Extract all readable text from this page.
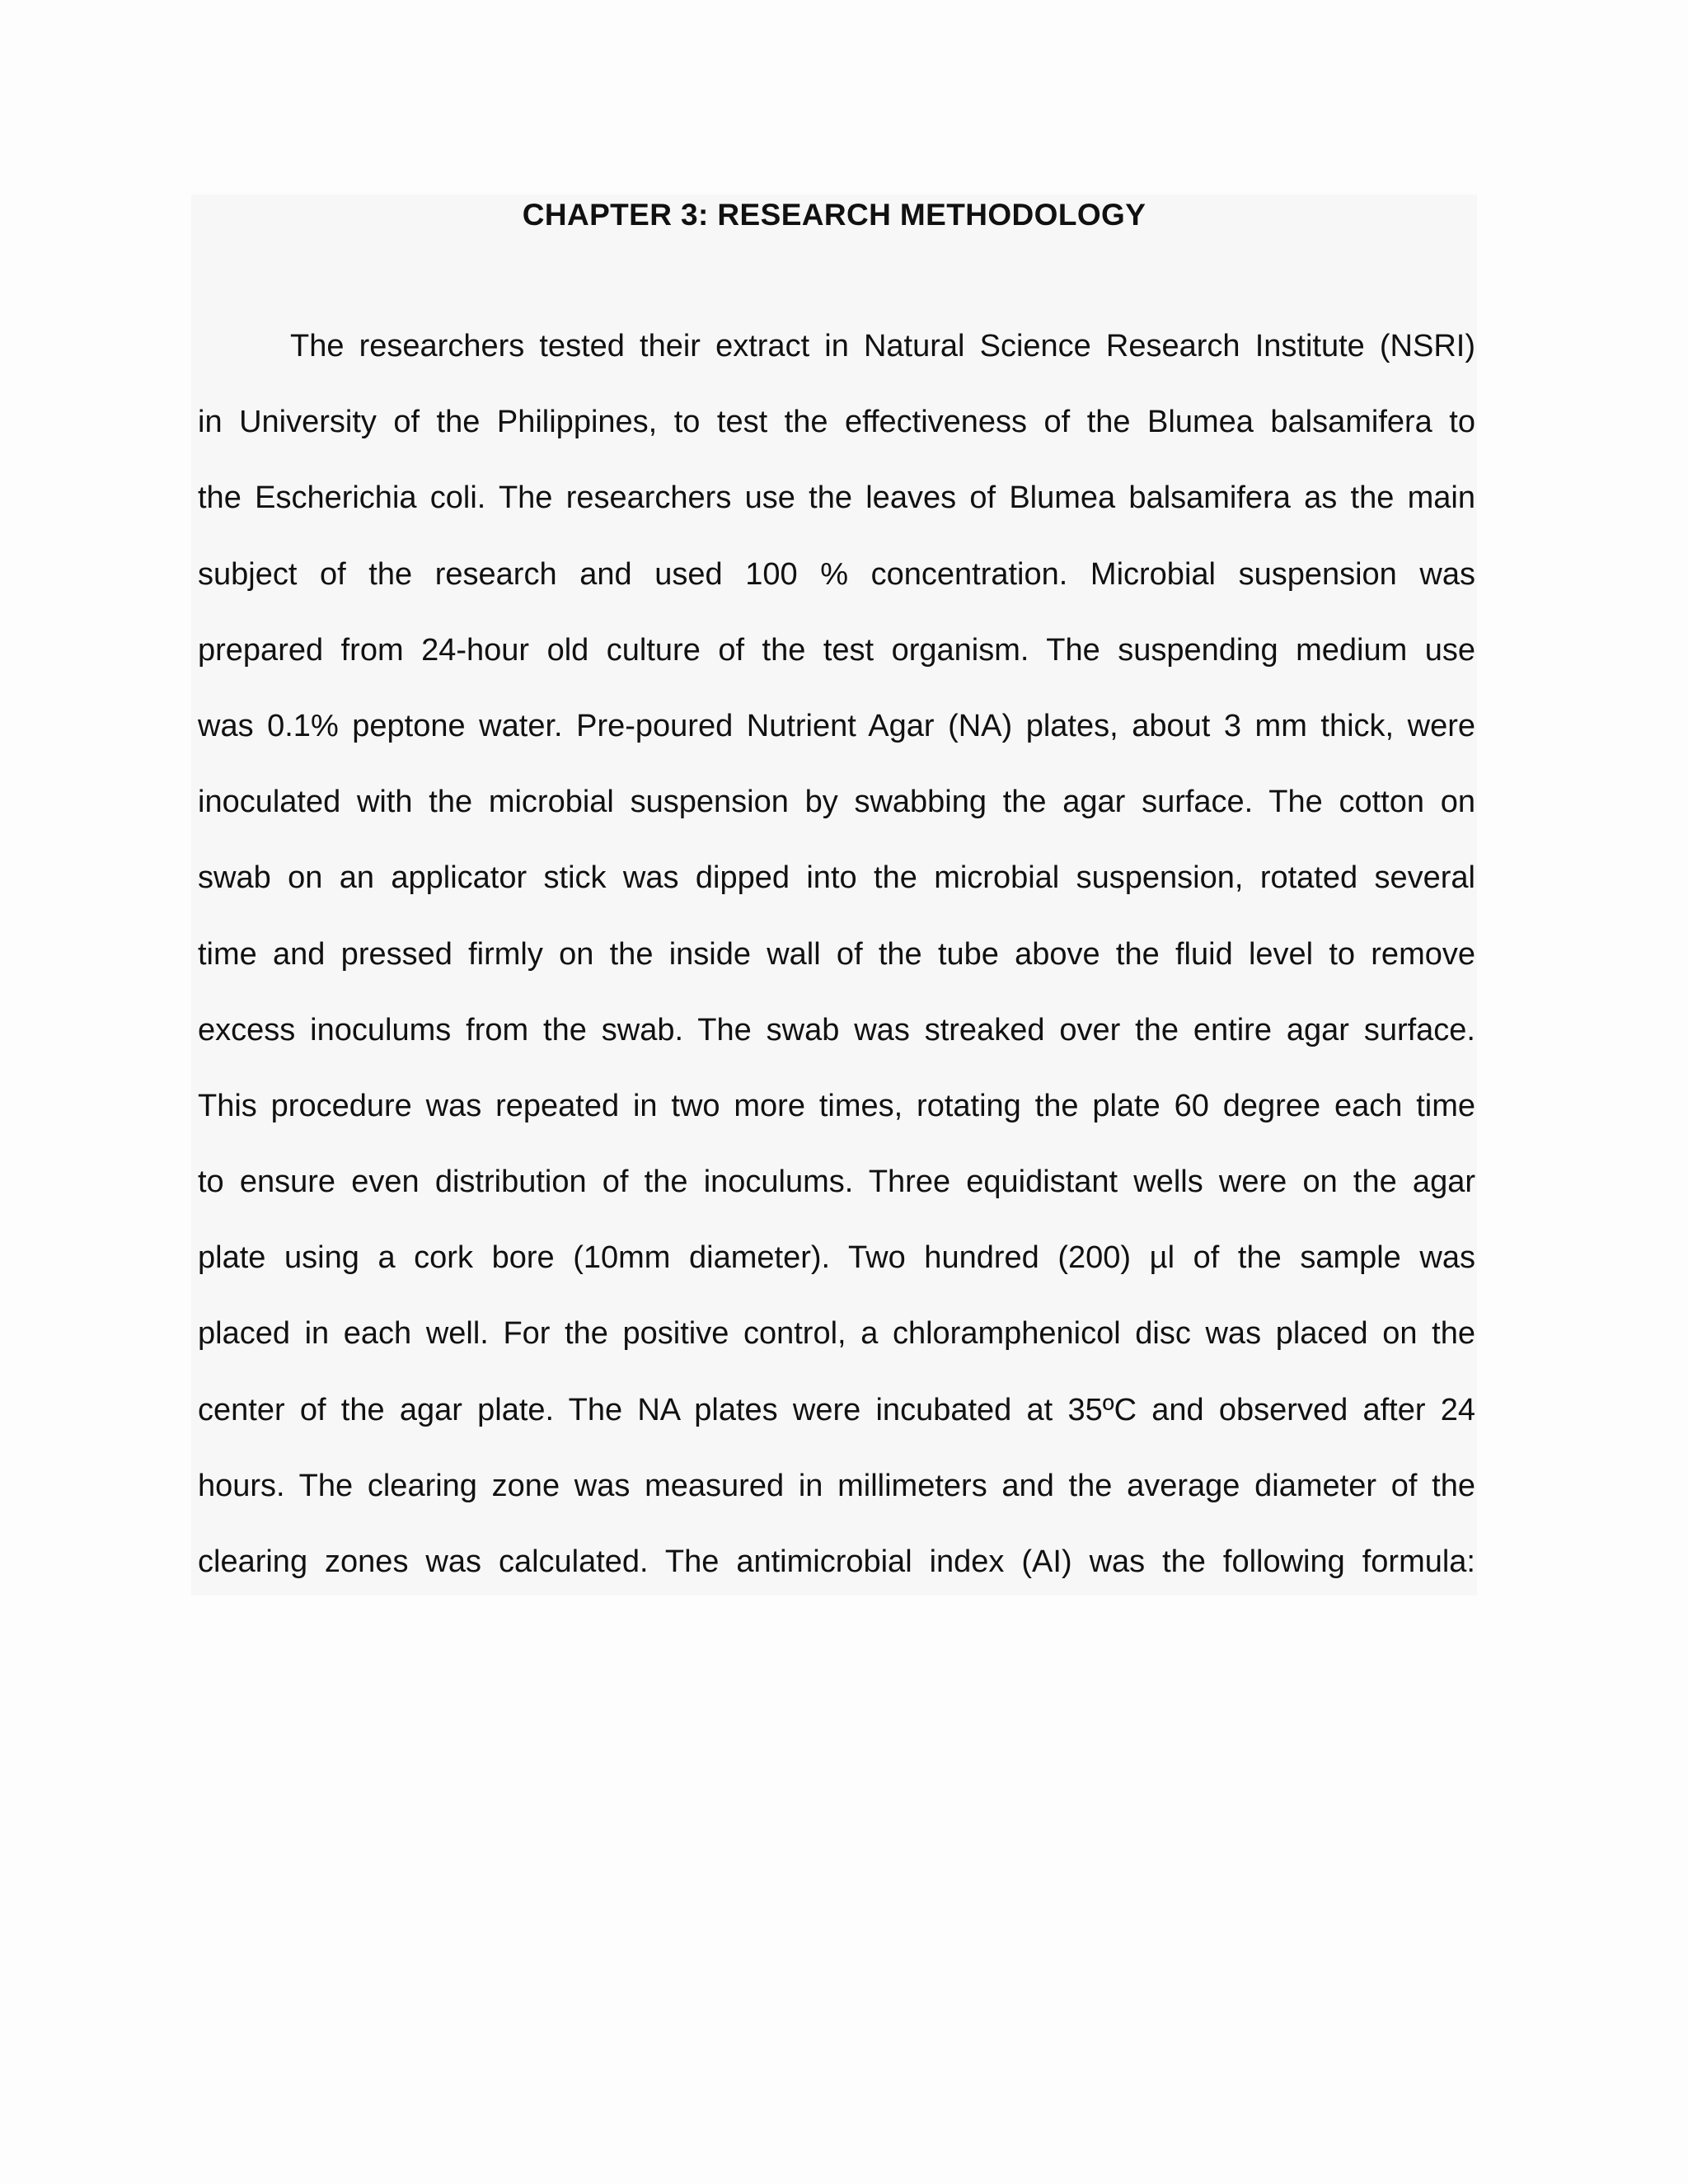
CHAPTER 3: RESEARCH METHODOLOGY
The researchers tested their extract in Natural Science Research Institute (NSRI)
in University of the Philippines, to test the effectiveness of the Blumea balsamifera to
the Escherichia coli. The researchers use the leaves of Blumea balsamifera as the main
subject of the research and used 100 % concentration. Microbial suspension was
prepared from 24-hour old culture of the test organism. The suspending medium use
was 0.1% peptone water. Pre-poured Nutrient Agar (NA) plates, about 3 mm thick, were
inoculated with the microbial suspension by swabbing the agar surface. The cotton on
swab on an applicator stick was dipped into the microbial suspension, rotated several
time and pressed firmly on the inside wall of the tube above the fluid level to remove
excess inoculums from the swab. The swab was streaked over the entire agar surface.
This procedure was repeated in two more times, rotating the plate 60 degree each time
to ensure even distribution of the inoculums. Three equidistant wells were on the agar
plate using a cork bore (10mm diameter). Two hundred (200) µl of the sample was
placed in each well. For the positive control, a chloramphenicol disc was placed on the
center of the agar plate. The NA plates were incubated at 35ºC and observed after 24
hours. The clearing zone was measured in millimeters and the average diameter of the
clearing zones was calculated. The antimicrobial index (AI) was the following formula:
